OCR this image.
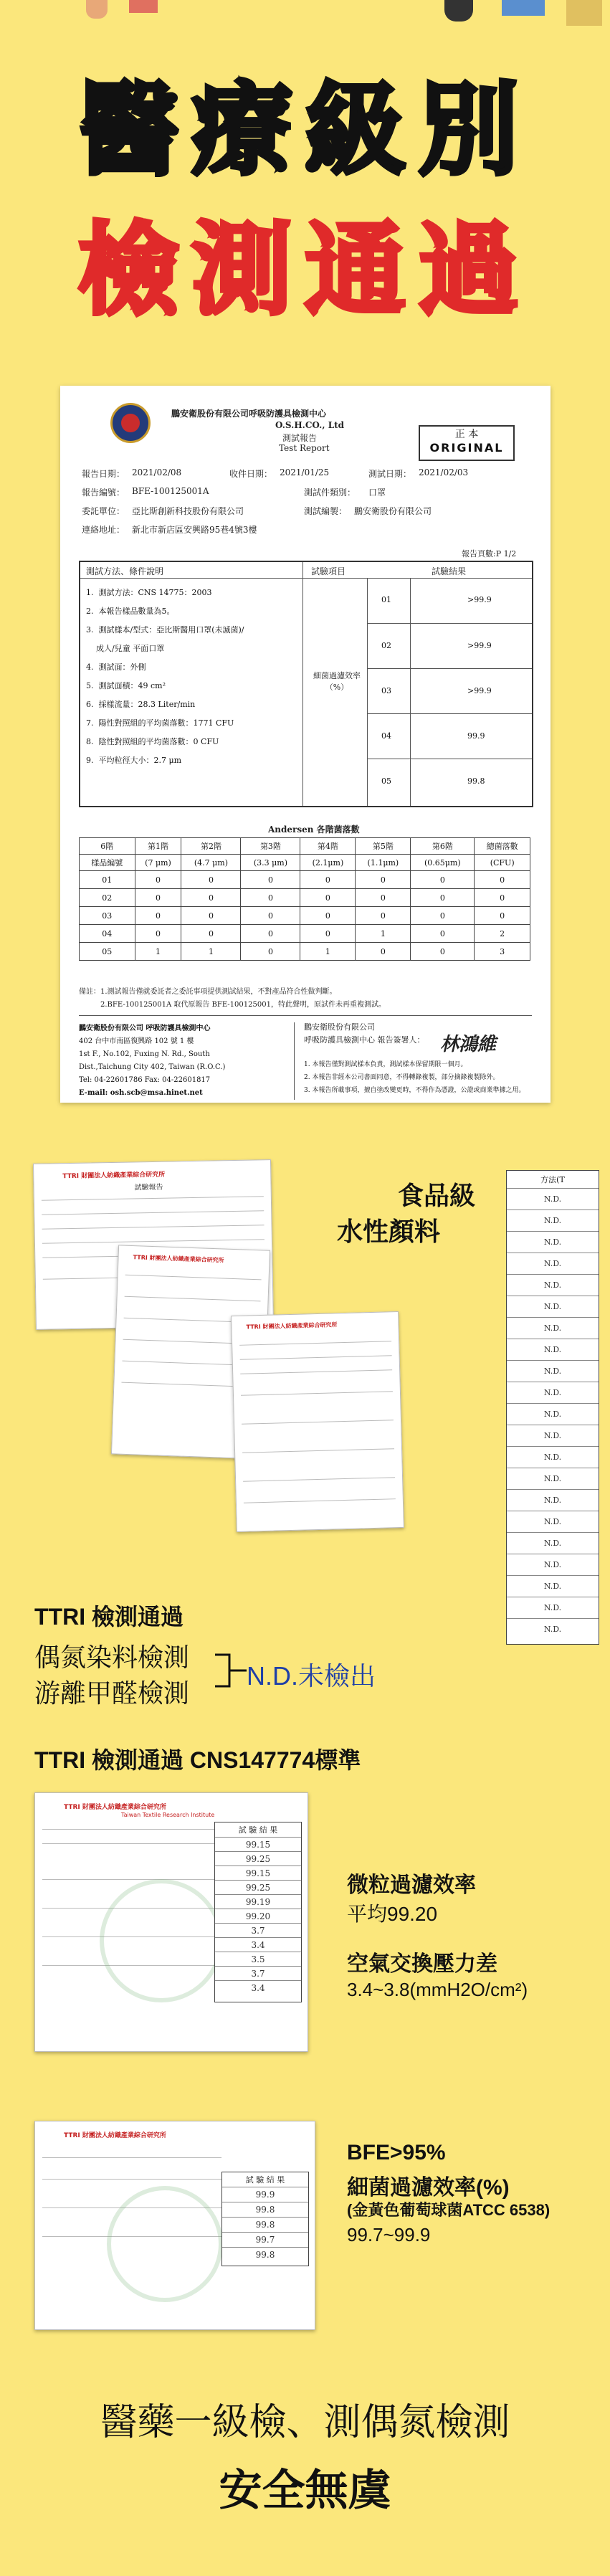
醫療級別
檢測通過
鵬安衛股份有限公司呼吸防護具檢測中心
O.S.H.CO., Ltd
測試報告
Test Report
正 本
ORIGINAL
報告日期： 2021/02/08	收件日期： 2021/01/25	測試日期： 2021/02/03
報告編號： BFE-100125001A	測試件類別： 口罩
委託單位： 亞比斯創新科技股份有限公司	測試編製： 鵬安衛股份有限公司
連絡地址： 新北市新店區安興路95巷4號3樓
報告頁數:P 1/2
測試方法、條件說明	試驗項目	試驗結果
1.  測試方法：CNS 14775：2003
2.  本報告樣品數量為5。
3.  測試樣本/型式：亞比斯醫用口罩(未滅菌)/
成人/兒童 平面口罩
4.  測試面：外側
5.  測試面積：49 cm²
6.  採樣流量：28.3 Liter/min
7.  陽性對照組的平均菌落數：1771 CFU
8.  陰性對照組的平均菌落數：0 CFU
9.  平均粒徑大小：2.7 μm
細菌過濾效率（%）
01	>99.9
02	>99.9
03	>99.9
04	99.9
05	99.8
Andersen 各階菌落數
6階	第1階	第2階	第3階	第4階	第5階	第6階	總菌落數
樣品編號	(7 μm)	(4.7 μm)	(3.3 μm)	(2.1μm)	(1.1μm)	(0.65μm)	(CFU)
01	0	0	0	0	0	0	0
02	0	0	0	0	0	0	0
03	0	0	0	0	0	0	0
04	0	0	0	0	1	0	2
05	1	1	0	1	0	0	3
備註：1.測試報告僅就委託者之委託事項提供測試結果，不對產品符合性做判斷。
2.BFE-100125001A 取代原報告 BFE-100125001，特此聲明，原試件未再重複測試。
鵬安衛股份有限公司 呼吸防護具檢測中心
402 台中市南區復興路 102 號 1 樓
1st F., No.102, Fuxing N. Rd., South
Dist.,Taichung City 402, Taiwan (R.O.C.)
Tel: 04-22601786 Fax: 04-22601817
E-mail: osh.scb@msa.hinet.net
鵬安衛股份有限公司
呼吸防護具檢測中心 報告簽署人： 林鴻維
1. 本報告僅對測試樣本負責，測試樣本保留期限一個月。
2. 本報告非經本公司書面同意，不得轉錄複製，部分摘錄複製除外。
3. 本報告所載事項，擅自塗改變更時，不得作為憑證，公證或商業準據之用。
TTRI 財團法人紡織產業綜合研究所
試驗報告
TTRI 財團法人紡織產業綜合研究所
TTRI 財團法人紡織產業綜合研究所
食品級
水性顏料
方法(T
N.D.
N.D.
N.D.
N.D.
N.D.
N.D.
N.D.
N.D.
N.D.
N.D.
N.D.
N.D.
N.D.
N.D.
N.D.
N.D.
N.D.
N.D.
N.D.
N.D.
N.D.
TTRI 檢測通過
偶氮染料檢測
游離甲醛檢測
N.D.未檢出
TTRI 檢測通過 CNS147774標準
TTRI 財團法人紡織產業綜合研究所
Taiwan Textile Research Institute
試 驗 結 果
99.15
99.25
99.15
99.25
99.19
99.20
3.7
3.4
3.5
3.7
3.4
微粒過濾效率
平均99.20
空氣交換壓力差
3.4~3.8(mmH2O/cm²)
TTRI 財團法人紡織產業綜合研究所
試 驗 結 果
99.9
99.8
99.8
99.7
99.8
BFE>95%
細菌過濾效率(%)
(金黃色葡萄球菌ATCC 6538)
99.7~99.9
醫藥一級檢、測偶氮檢測
安全無虞
